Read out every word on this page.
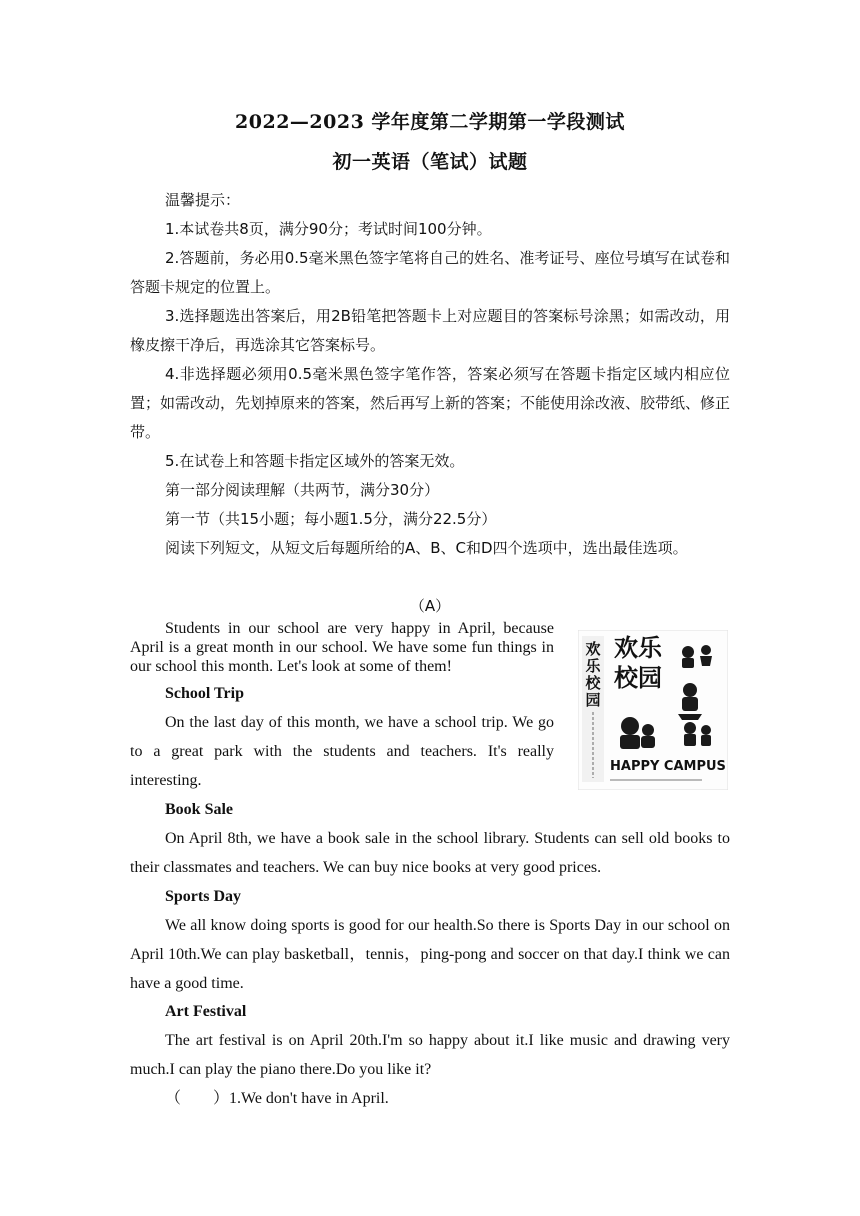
2022—2023 学年度第二学期第一学段测试
初一英语（笔试）试题
温馨提示：
1.本试卷共8页，满分90分；考试时间100分钟。
2.答题前，务必用0.5毫米黑色签字笔将自己的姓名、准考证号、座位号填写在试卷和答题卡规定的位置上。
3.选择题选出答案后，用2B铅笔把答题卡上对应题目的答案标号涂黑；如需改动，用橡皮擦干净后，再选涂其它答案标号。
4.非选择题必须用0.5毫米黑色签字笔作答，答案必须写在答题卡指定区域内相应位置；如需改动，先划掉原来的答案，然后再写上新的答案；不能使用涂改液、胶带纸、修正带。
5.在试卷上和答题卡指定区域外的答案无效。
第一部分阅读理解（共两节，满分30分）
第一节（共15小题；每小题1.5分，满分22.5分）
阅读下列短文，从短文后每题所给的A、B、C和D四个选项中，选出最佳选项。
（A）
Students in our school are very happy in April, because April is a great month in our school. We have some fun things in our school this month. Let's look at some of them!
School Trip
On the last day of this month, we have a school trip. We go to a great park with the students and teachers. It's really interesting.
Book Sale
On April 8th, we have a book sale in the school library. Students can sell old books to their classmates and teachers. We can buy nice books at very good prices.
Sports Day
We all know doing sports is good for our health.So there is Sports Day in our school on April 10th.We can play basketball，tennis，ping-pong and soccer on that day.I think we can have a good time.
Art Festival
The art festival is on April 20th.I'm so happy about it.I like music and drawing very much.I can play the piano there.Do you like it?
（　　）1.We don't have in April.
欢乐校园
欢乐
校园
HAPPY CAMPUS
